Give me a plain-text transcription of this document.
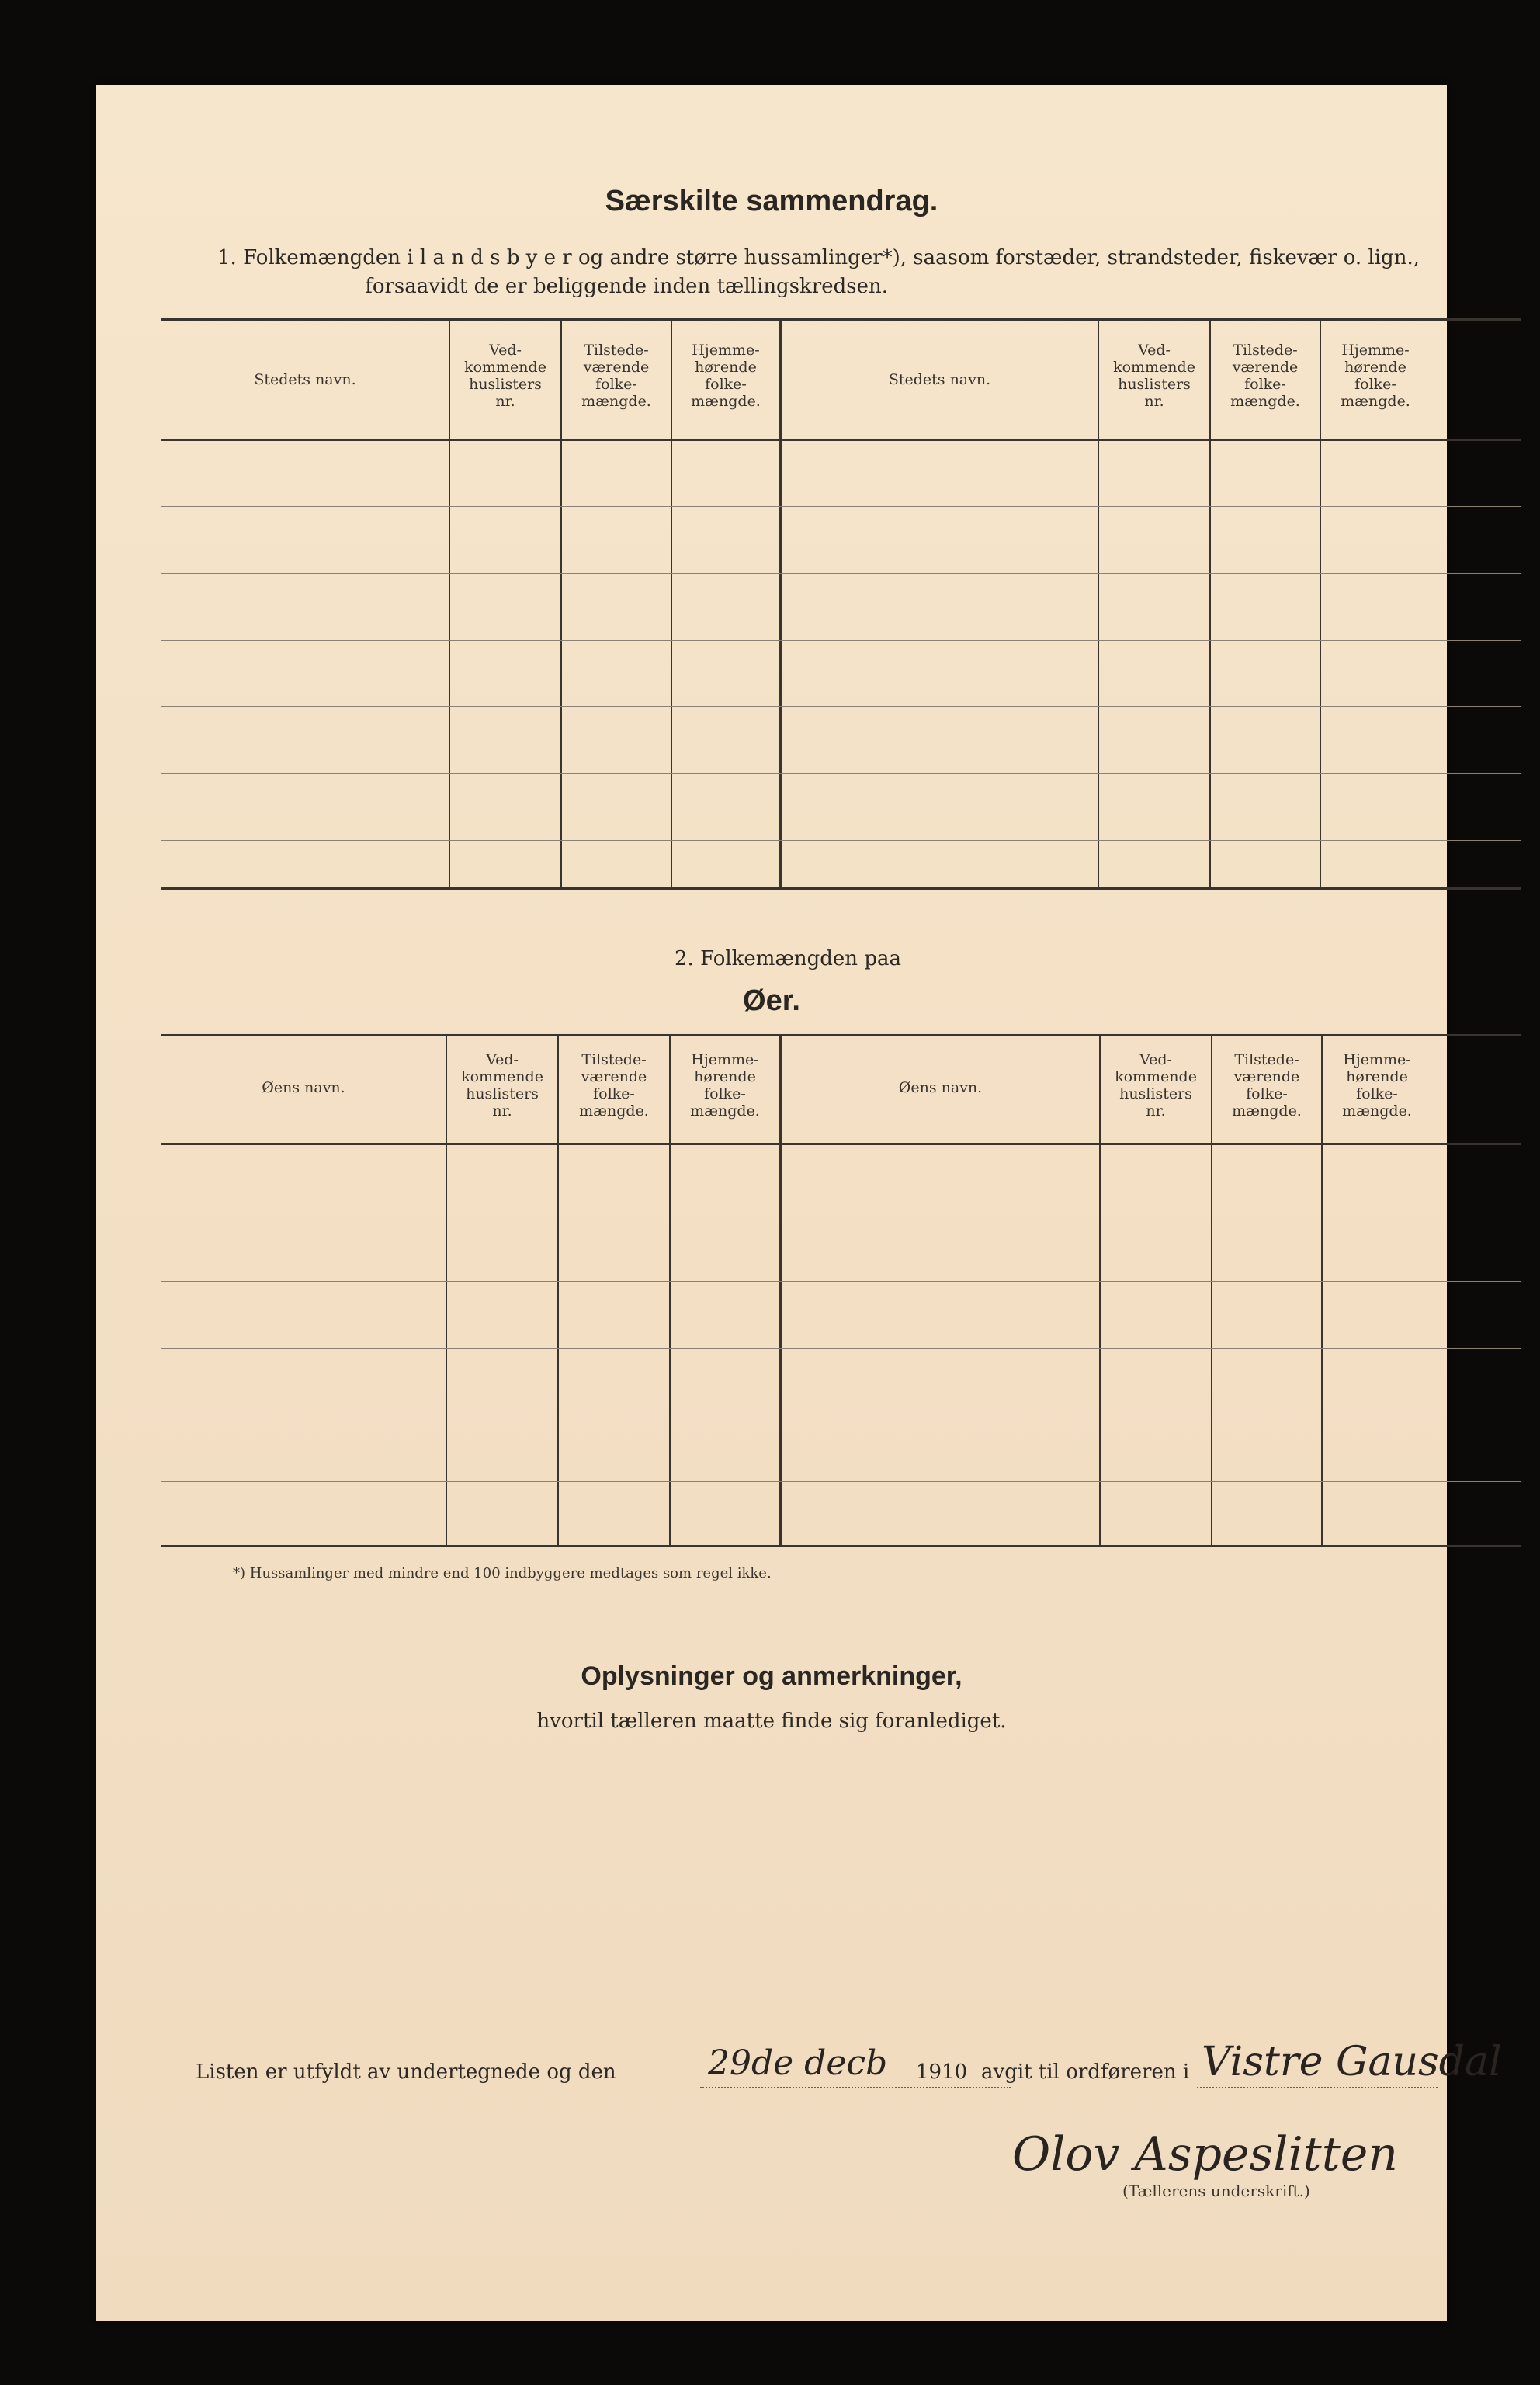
Særskilte sammendrag.
1. Folkemængden i l a n d s b y e r og andre større hussamlinger*), saasom forstæder, strandsteder, fiskevær o. lign.,
forsaavidt de er beliggende inden tællingskredsen.
Stedets navn.
Ved-
kommende
huslisters
nr.
Tilstede-
værende
folke-
mængde.
Hjemme-
hørende
folke-
mængde.
Stedets navn.
Ved-
kommende
huslisters
nr.
Tilstede-
værende
folke-
mængde.
Hjemme-
hørende
folke-
mængde.
2. Folkemængden paa
Øer.
Øens navn.
Ved-
kommende
huslisters
nr.
Tilstede-
værende
folke-
mængde.
Hjemme-
hørende
folke-
mængde.
Øens navn.
Ved-
kommende
huslisters
nr.
Tilstede-
værende
folke-
mængde.
Hjemme-
hørende
folke-
mængde.
*) Hussamlinger med mindre end 100 indbyggere medtages som regel ikke.
Oplysninger og anmerkninger,
hvortil tælleren maatte finde sig foranlediget.
Listen er utfyldt av undertegnede og den	29de decb 1910 avgit til ordføreren i Vistre Gausdal
Olov Aspeslitten
(Tællerens underskrift.)
